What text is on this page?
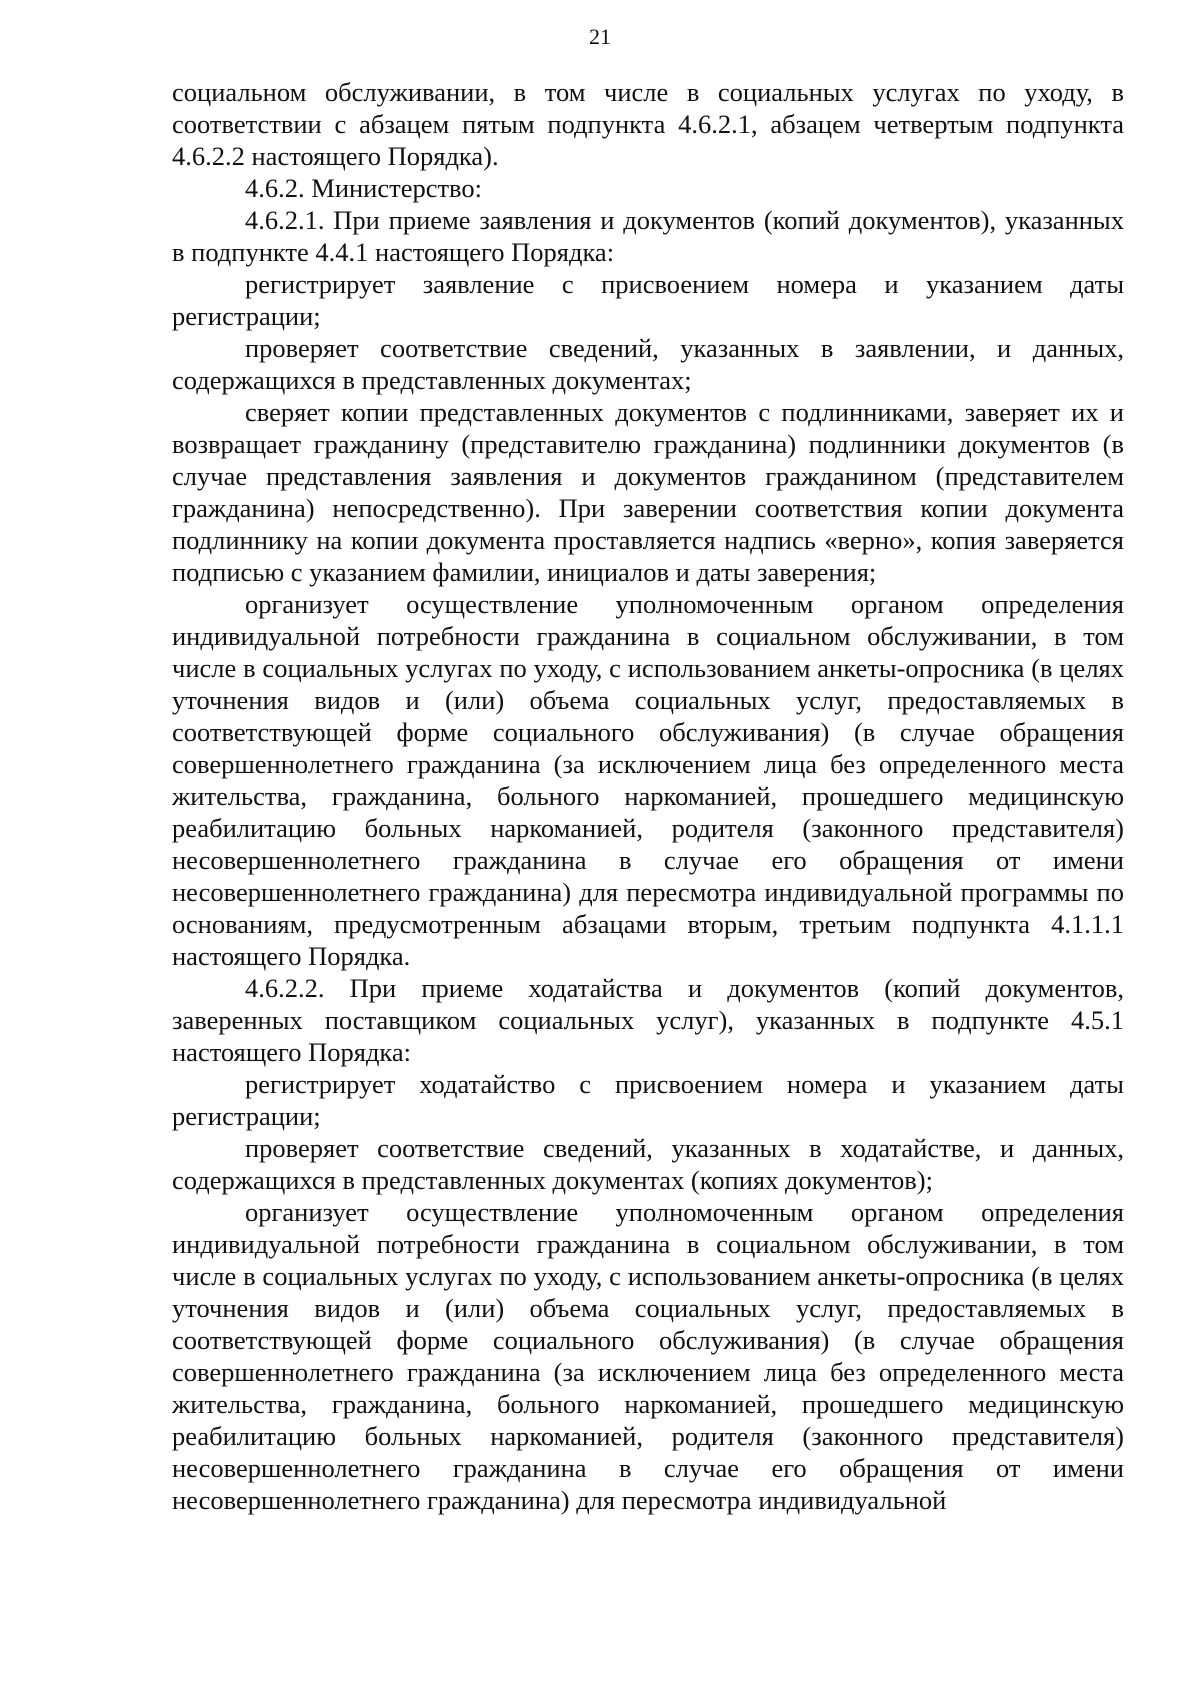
21

социальном обслуживании, в том числе в социальных услугах по уходу, в соответствии с абзацем пятым подпункта 4.6.2.1, абзацем четвертым подпункта 4.6.2.2 настоящего Порядка).

4.6.2. Министерство:

4.6.2.1. При приеме заявления и документов (копий документов), указанных в подпункте 4.4.1 настоящего Порядка:

регистрирует заявление с присвоением номера и указанием даты регистрации;

проверяет соответствие сведений, указанных в заявлении, и данных, содержащихся в представленных документах;

сверяет копии представленных документов с подлинниками, заверяет их и возвращает гражданину (представителю гражданина) подлинники документов (в случае представления заявления и документов гражданином (представителем гражданина) непосредственно). При заверении соответствия копии документа подлиннику на копии документа проставляется надпись «верно», копия заверяется подписью с указанием фамилии, инициалов и даты заверения;

организует осуществление уполномоченным органом определения индивидуальной потребности гражданина в социальном обслуживании, в том числе в социальных услугах по уходу, с использованием анкеты-опросника (в целях уточнения видов и (или) объема социальных услуг, предоставляемых в соответствующей форме социального обслуживания) (в случае обращения совершеннолетнего гражданина (за исключением лица без определенного места жительства, гражданина, больного наркоманией, прошедшего медицинскую реабилитацию больных наркоманией, родителя (законного представителя) несовершеннолетнего гражданина в случае его обращения от имени несовершеннолетнего гражданина) для пересмотра индивидуальной программы по основаниям, предусмотренным абзацами вторым, третьим подпункта 4.1.1.1 настоящего Порядка.

4.6.2.2. При приеме ходатайства и документов (копий документов, заверенных поставщиком социальных услуг), указанных в подпункте 4.5.1 настоящего Порядка:

регистрирует ходатайство с присвоением номера и указанием даты регистрации;

проверяет соответствие сведений, указанных в ходатайстве, и данных, содержащихся в представленных документах (копиях документов);

организует осуществление уполномоченным органом определения индивидуальной потребности гражданина в социальном обслуживании, в том числе в социальных услугах по уходу, с использованием анкеты-опросника (в целях уточнения видов и (или) объема социальных услуг, предоставляемых в соответствующей форме социального обслуживания) (в случае обращения совершеннолетнего гражданина (за исключением лица без определенного места жительства, гражданина, больного наркоманией, прошедшего медицинскую реабилитацию больных наркоманией, родителя (законного представителя) несовершеннолетнего гражданина в случае его обращения от имени несовершеннолетнего гражданина) для пересмотра индивидуальной
